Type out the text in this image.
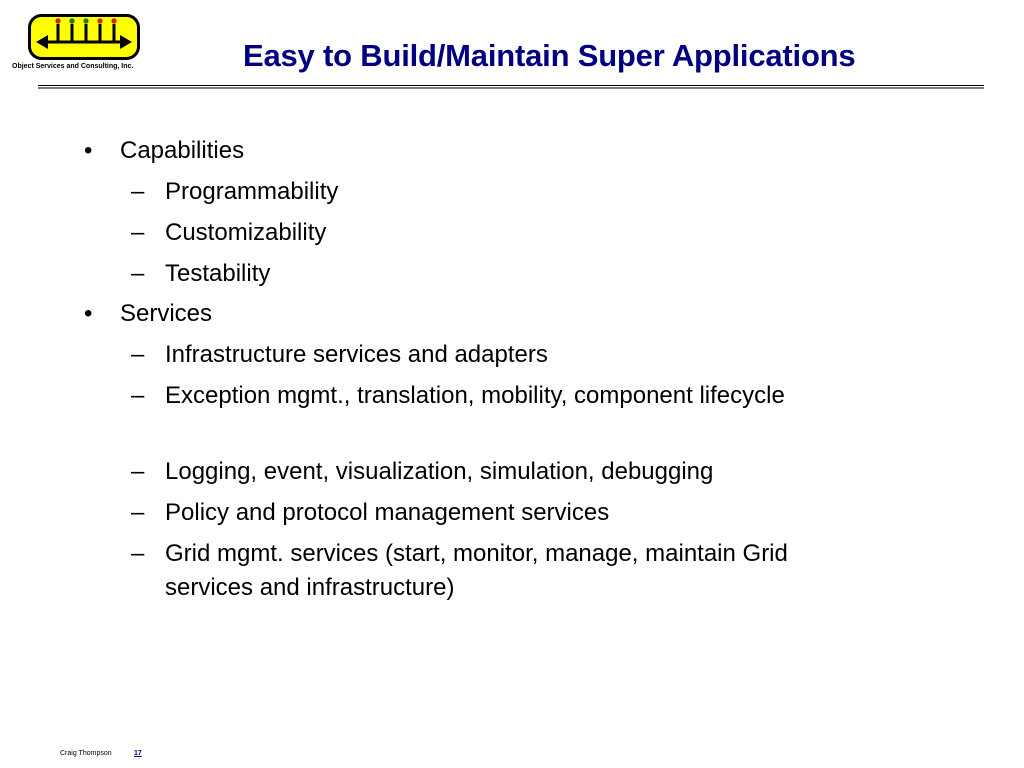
Object Services and Consulting, Inc.	Easy to Build/Maintain Super Applications
• Capabilities
– Programmability
– Customizability
– Testability
• Services
– Infrastructure services and adapters
– Exception mgmt., translation, mobility, component lifecycle
– Logging, event, visualization, simulation, debugging
– Policy and protocol management services
– Grid mgmt. services (start, monitor, manage, maintain Grid services and infrastructure)
Craig Thompson	17
